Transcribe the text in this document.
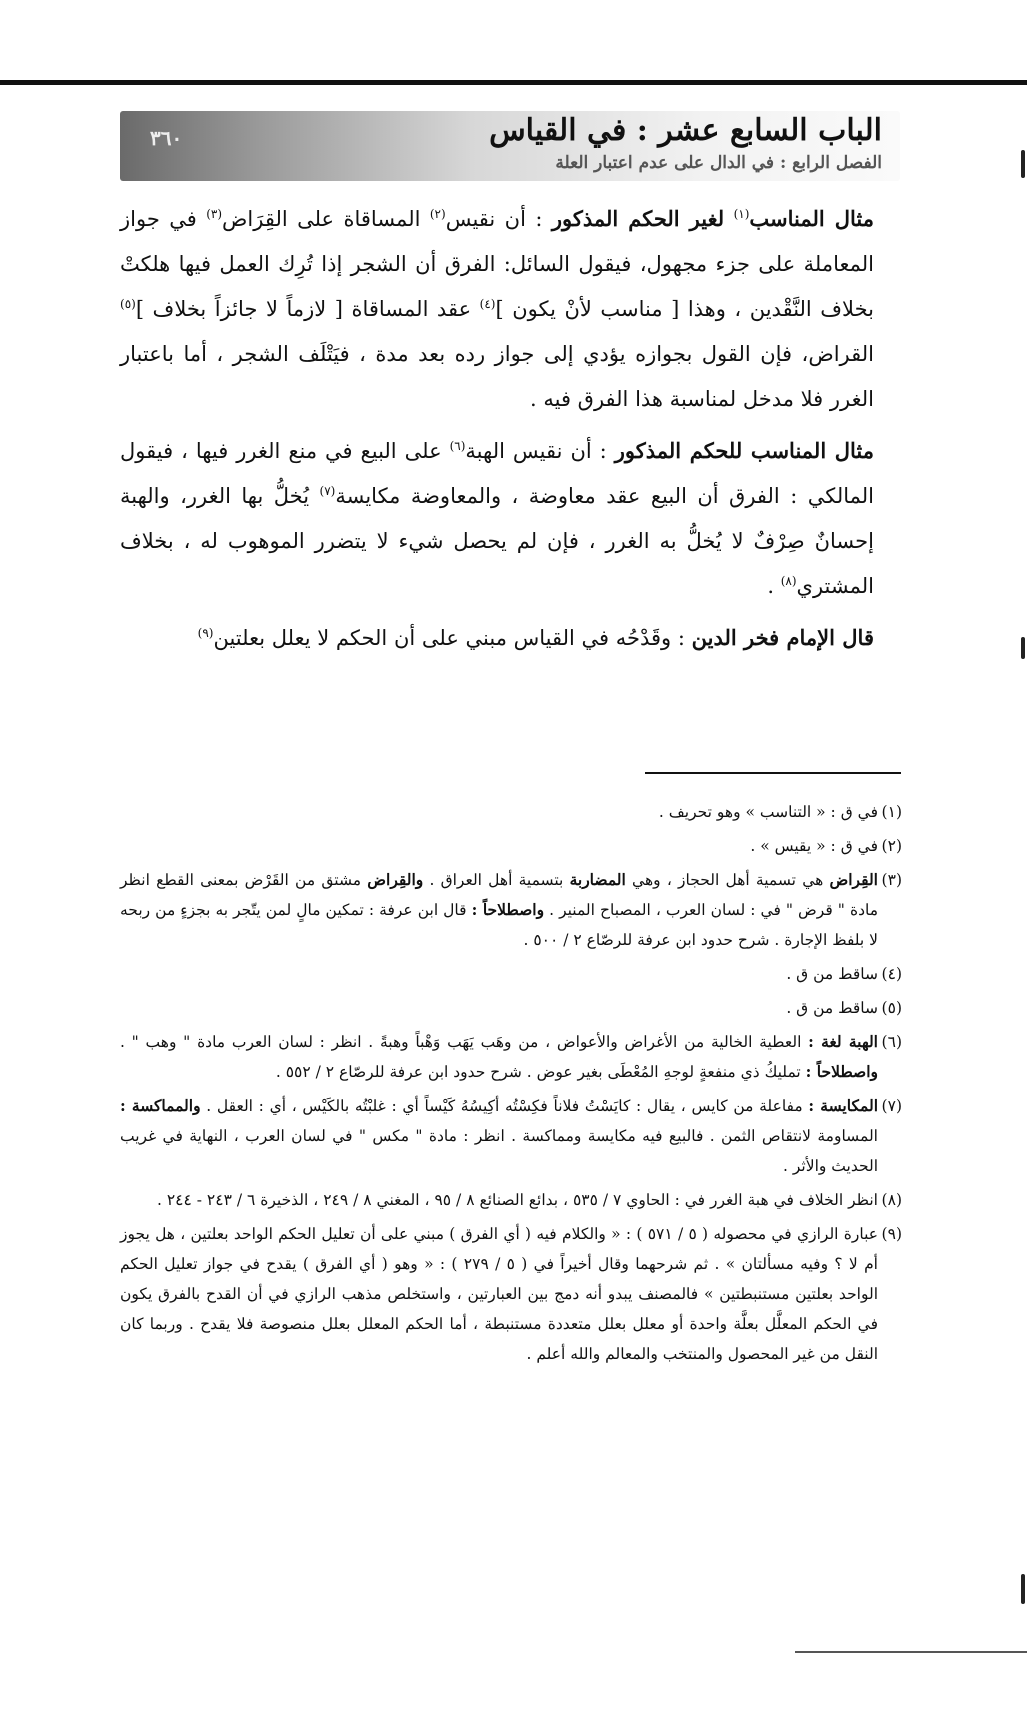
الباب السابع عشر : في القياس
الفصل الرابع : في الدال على عدم اعتبار العلة
٣٦٠

مثال المناسب$^{(١)}$ لغير الحكم المذكور : أن نقيس$^{(٢)}$ المساقاة على القِرَاض$^{(٣)}$ في جواز المعاملة على جزء مجهول، فيقول السائل: الفرق أن الشجر إذا تُرِك العمل فيها هلكتْ بخلاف النَّقْدين ، وهذا [ مناسب لأنْ يكون ]$^{(٤)}$ عقد المساقاة [ لازماً لا جائزاً بخلاف ]$^{(٥)}$ القراض، فإن القول بجوازه يؤدي إلى جواز رده بعد مدة ، فيَتْلَف الشجر ، أما باعتبار الغرر فلا مدخل لمناسبة هذا الفرق فيه .

مثال المناسب للحكم المذكور : أن نقيس الهبة$^{(٦)}$ على البيع في منع الغرر فيها ، فيقول المالكي : الفرق أن البيع عقد معاوضة ، والمعاوضة مكايسة$^{(٧)}$ يُخلُّ بها الغرر، والهبة إحسانٌ صِرْفٌ لا يُخلُّ به الغرر ، فإن لم يحصل شيء لا يتضرر الموهوب له ، بخلاف المشتري$^{(٨)}$ .

قال الإمام فخر الدين : وقَدْحُه في القياس مبني على أن الحكم لا يعلل بعلتين$^{(٩)}$

(١)
في ق : « التناسب » وهو تحريف .
(٢)
في ق : « يقيس » .
(٣)
القِراض هي تسمية أهل الحجاز ، وهي المضاربة بتسمية أهل العراق . والقِراض مشتق من القَرْض بمعنى القطع انظر مادة " قرض " في : لسان العرب ، المصباح المنير . واصطلاحاً : قال ابن عرفة : تمكين مالٍ لمن يتّجر به بجزءٍ من ربحه لا بلفظ الإجارة . شرح حدود ابن عرفة للرصّاع ٢ / ٥٠٠ .
(٤)
ساقط من ق .
(٥)
ساقط من ق .
(٦)
الهبة لغة : العطية الخالية من الأغراض والأعواض ، من وهَب يَهَب وَهْباً وهبةً . انظر : لسان العرب مادة " وهب " . واصطلاحاً : تمليكُ ذي منفعةٍ لوجهِ المُعْطَى بغير عوض . شرح حدود ابن عرفة للرصّاع ٢ / ٥٥٢ .
(٧)
المكايسة : مفاعلة من كايس ، يقال : كايَسْتُ فلاناً فكِسْتُه أكِيسُهُ كَيْساً أي : غلبْتُه بالكَيْس ، أي : العقل . والمماكسة : المساومة لانتقاص الثمن . فالبيع فيه مكايسة ومماكسة . انظر : مادة " مكس " في لسان العرب ، النهاية في غريب الحديث والأثر .
(٨)
انظر الخلاف في هبة الغرر في : الحاوي ٧ / ٥٣٥ ، بدائع الصنائع ٨ / ٩٥ ، المغني ٨ / ٢٤٩ ، الذخيرة ٦ / ٢٤٣ - ٢٤٤ .
(٩)
عبارة الرازي في محصوله ( ٥ / ٥٧١ ) : « والكلام فيه ( أي الفرق ) مبني على أن تعليل الحكم الواحد بعلتين ، هل يجوز أم لا ؟ وفيه مسألتان » . ثم شرحهما وقال أخيراً في ( ٥ / ٢٧٩ ) : « وهو ( أي الفرق ) يقدح في جواز تعليل الحكم الواحد بعلتين مستنبطتين » فالمصنف يبدو أنه دمج بين العبارتين ، واستخلص مذهب الرازي في أن القدح بالفرق يكون في الحكم المعلَّل بعلَّة واحدة أو معلل بعلل متعددة مستنبطة ، أما الحكم المعلل بعلل منصوصة فلا يقدح . وربما كان النقل من غير المحصول والمنتخب والمعالم والله أعلم .
